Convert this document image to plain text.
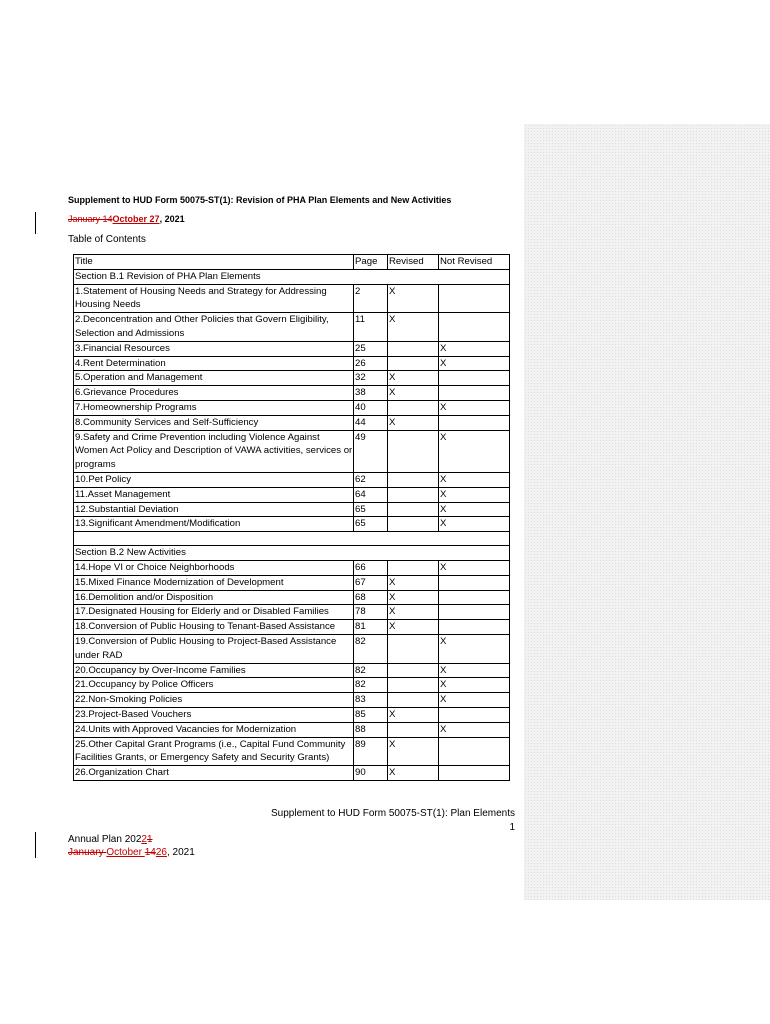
Supplement to HUD Form 50075-ST(1): Revision of PHA Plan Elements and New Activities
January 14October 27, 2021
Table of Contents
Title	Page	Revised	Not Revised
Section B.1 Revision of PHA Plan Elements			
1.Statement of Housing Needs and Strategy for Addressing Housing Needs	2	X	
2.Deconcentration and Other Policies that Govern Eligibility, Selection and Admissions	11	X	
3.Financial Resources	25		X
4.Rent Determination	26		X
5.Operation and Management	32	X	
6.Grievance Procedures	38	X	
7.Homeownership Programs	40		X
8.Community Services and Self-Sufficiency	44	X	
9.Safety and Crime Prevention including Violence Against Women Act Policy and Description of VAWA activities, services or programs	49		X
10.Pet Policy	62		X
11.Asset Management	64		X
12.Substantial Deviation	65		X
13.Significant Amendment/Modification	65		X

Section B.2 New Activities			
14.Hope VI or Choice Neighborhoods	66		X
15.Mixed Finance Modernization of Development	67	X	
16.Demolition and/or Disposition	68	X	
17.Designated Housing for Elderly and or Disabled Families	78	X	
18.Conversion of Public Housing to Tenant-Based Assistance	81	X	
19.Conversion of Public Housing to Project-Based Assistance under RAD	82		X
20.Occupancy by Over-Income Families	82		X
21.Occupancy by Police Officers	82		X
22.Non-Smoking Policies	83		X
23.Project-Based Vouchers	85	X	
24.Units with Approved Vacancies for Modernization	88		X
25.Other Capital Grant Programs (i.e., Capital Fund Community Facilities Grants, or Emergency Safety and Security Grants)	89	X	
26.Organization Chart	90	X	
Supplement to HUD Form 50075-ST(1): Plan Elements
1
Annual Plan 20221
January October 1426, 2021
